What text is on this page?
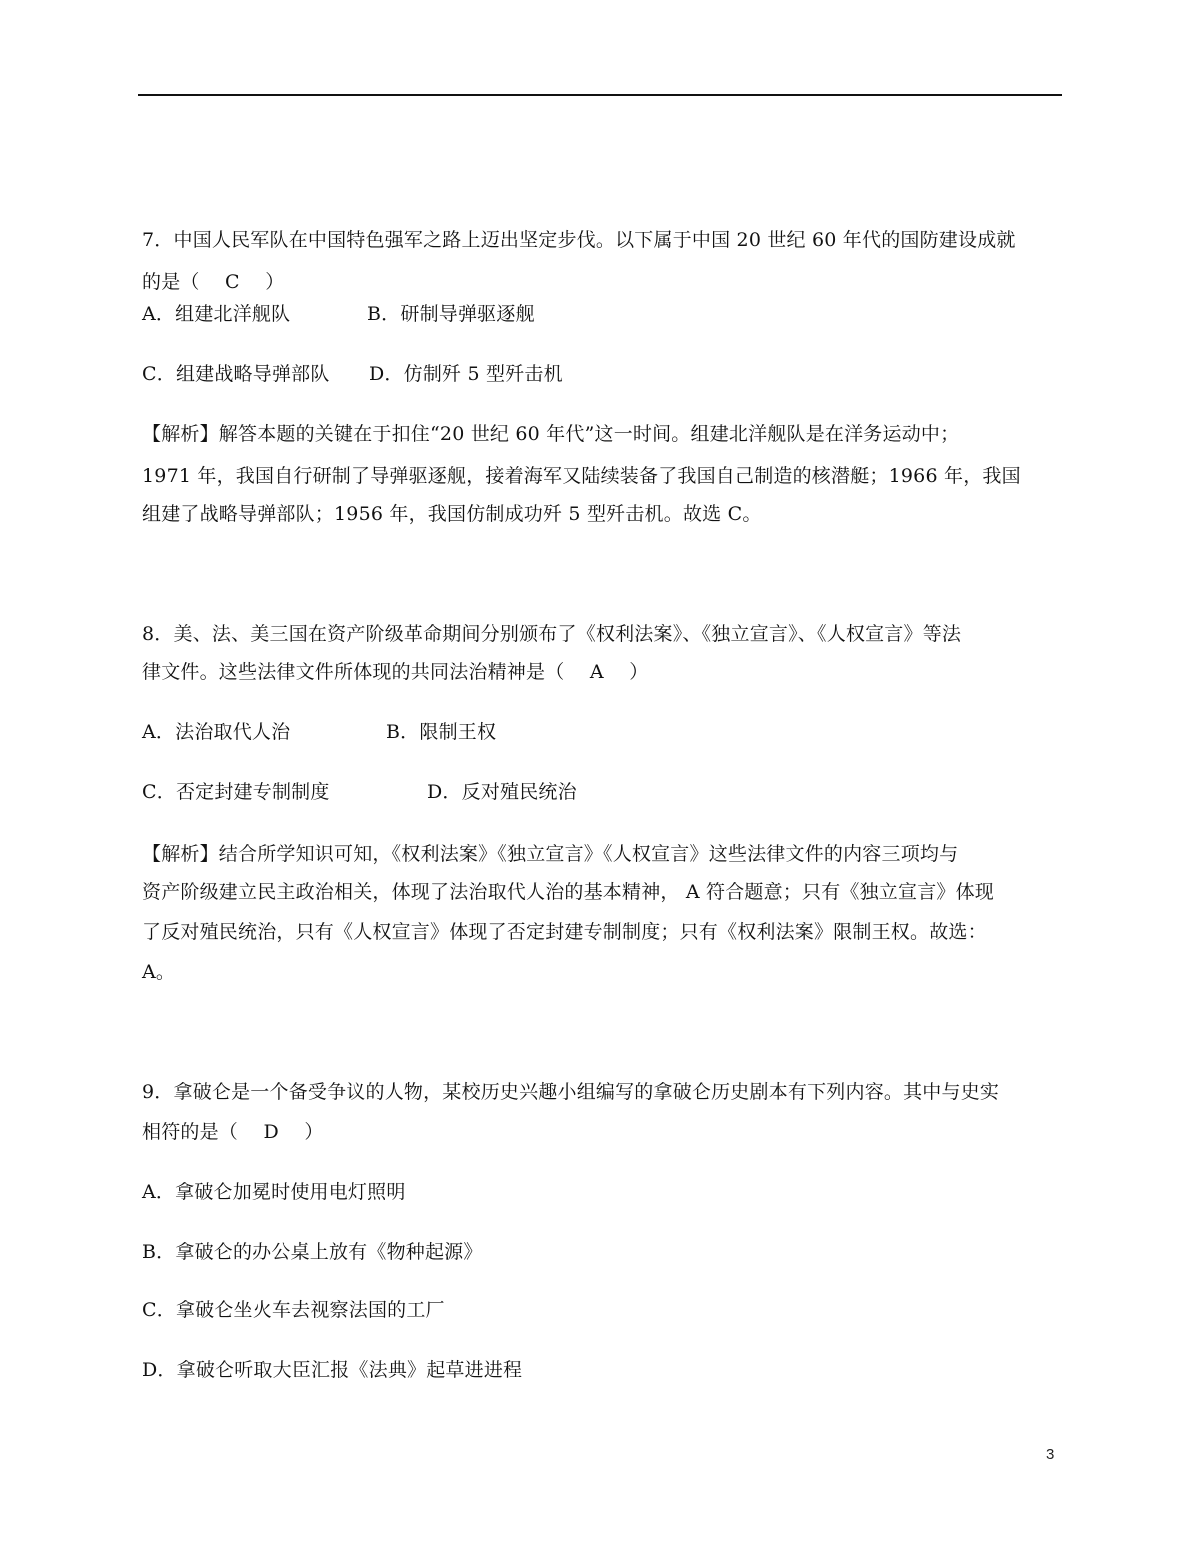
7．中国人民军队在中国特色强军之路上迈出坚定步伐。以下属于中国 20 世纪 60 年代的国防建设成就
的是（　 C　 ）
A．组建北洋舰队	B．研制导弹驱逐舰
C．组建战略导弹部队 D．仿制歼 5 型歼击机
【解析】解答本题的关键在于扣住“20 世纪 60 年代”这一时间。组建北洋舰队是在洋务运动中；
1971 年，我国自行研制了导弹驱逐舰，接着海军又陆续装备了我国自己制造的核潜艇；1966 年，我国
组建了战略导弹部队；1956 年，我国仿制成功歼 5 型歼击机。故选 C。
8．美、法、美三国在资产阶级革命期间分别颁布了《权利法案》、《独立宣言》、《人权宣言》等法
律文件。这些法律文件所体现的共同法治精神是（　 A　 ）
A．法治取代人治	B．限制王权
C．否定封建专制制度	D．反对殖民统治
【解析】结合所学知识可知，《权利法案》《独立宣言》《人权宣言》这些法律文件的内容三项均与
资产阶级建立民主政治相关，体现了法治取代人治的基本精神， A 符合题意；只有《独立宣言》体现
了反对殖民统治，只有《人权宣言》体现了否定封建专制制度；只有《权利法案》限制王权。故选：
A。
9．拿破仑是一个备受争议的人物，某校历史兴趣小组编写的拿破仑历史剧本有下列内容。其中与史实
相符的是（　 D　 ）
A．拿破仑加冕时使用电灯照明
B．拿破仑的办公桌上放有《物种起源》
C．拿破仑坐火车去视察法国的工厂
D．拿破仑听取大臣汇报《法典》起草进进程
3
